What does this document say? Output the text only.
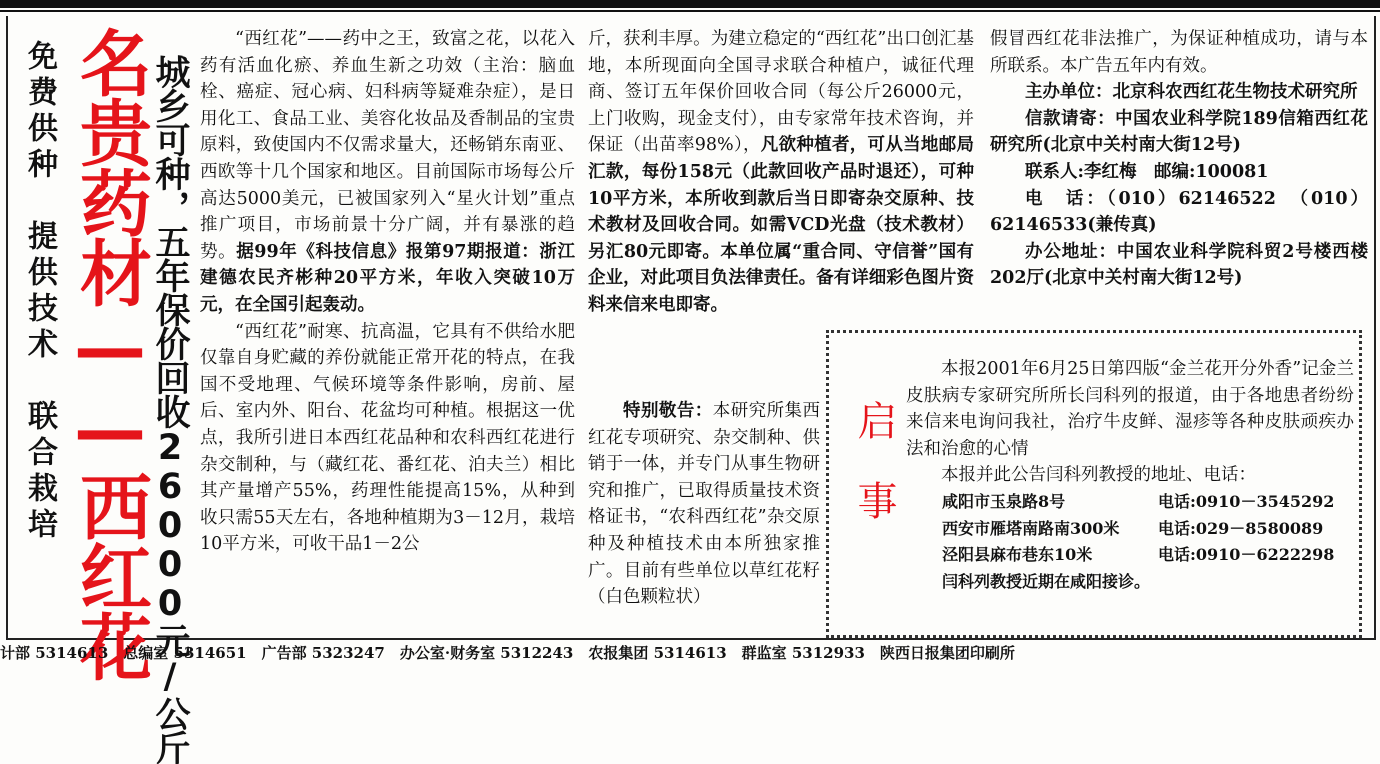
免费供种　提供技术　联合栽培 名贵药材——西红花
城乡可种，五年保价回收26000元/公斤

“西红花”——药中之王，致富之花，以花入药有活血化瘀、养血生新之功效（主治：脑血栓、癌症、冠心病、妇科病等疑难杂症），是日用化工、食品工业、美容化妆品及香制品的宝贵原料，致使国内不仅需求量大，还畅销东南亚、西欧等十几个国家和地区。目前国际市场每公斤高达5000美元，已被国家列入“星火计划”重点推广项目，市场前景十分广阔，并有暴涨的趋势。据99年《科技信息》报第97期报道：浙江建德农民齐彬种20平方米，年收入突破10万元，在全国引起轰动。

“西红花”耐寒、抗高温，它具有不供给水肥仅靠自身贮藏的养份就能正常开花的特点，在我国不受地理、气候环境等条件影响，房前、屋后、室内外、阳台、花盆均可种植。根据这一优点，我所引进日本西红花品种和农科西红花进行杂交制种，与（藏红花、番红花、泊夫兰）相比其产量增产55%，药理性能提高15%，从种到收只需55天左右，各地种植期为3－12月，栽培10平方米，可收干品1－2公

斤，获利丰厚。为建立稳定的“西红花”出口创汇基地，本所现面向全国寻求联合种植户，诚征代理商、签订五年保价回收合同（每公斤26000元，上门收购，现金支付），由专家常年技术咨询，并保证（出苗率98%），凡欲种植者，可从当地邮局汇款，每份158元（此款回收产品时退还），可种10平方米，本所收到款后当日即寄杂交原种、技术教材及回收合同。如需VCD光盘（技术教材）另汇80元即寄。本单位属“重合同、守信誉”国有企业，对此项目负法律责任。备有详细彩色图片资料来信来电即寄。

特别敬告：本研究所集西红花专项研究、杂交制种、供销于一体，并专门从事生物研究和推广，已取得质量技术资格证书，“农科西红花”杂交原种及种植技术由本所独家推广。目前有些单位以草红花籽（白色颗粒状）

假冒西红花非法推广，为保证种植成功，请与本所联系。本广告五年内有效。

主办单位：北京科农西红花生物技术研究所

信款请寄：中国农业科学院189信箱西红花研究所(北京中关村南大街12号)

联系人:李红梅　邮编:100081

电　话：（010）62146522　（010）62146533(兼传真)

办公地址：中国农业科学院科贸2号楼西楼202厅(北京中关村南大街12号)

启事

本报2001年6月25日第四版“金兰花开分外香”记金兰皮肤病专家研究所所长闫科列的报道，由于各地患者纷纷来信来电询问我社，治疗牛皮鲜、湿疹等各种皮肤顽疾办法和治愈的心情

本报并此公告闫科列教授的地址、电话：

咸阳市玉泉路8号	电话:0910－3545292
西安市雁塔南路南300米	电话:029－8580089
泾阳县麻布巷东10米	电话:0910－6222298
闫科列教授近期在咸阳接诊。
计部 5314613　总编室 5314651　广告部 5323247　办公室·财务室 5312243　农报集团 5314613　群监室 5312933　陕西日报集团印刷所
